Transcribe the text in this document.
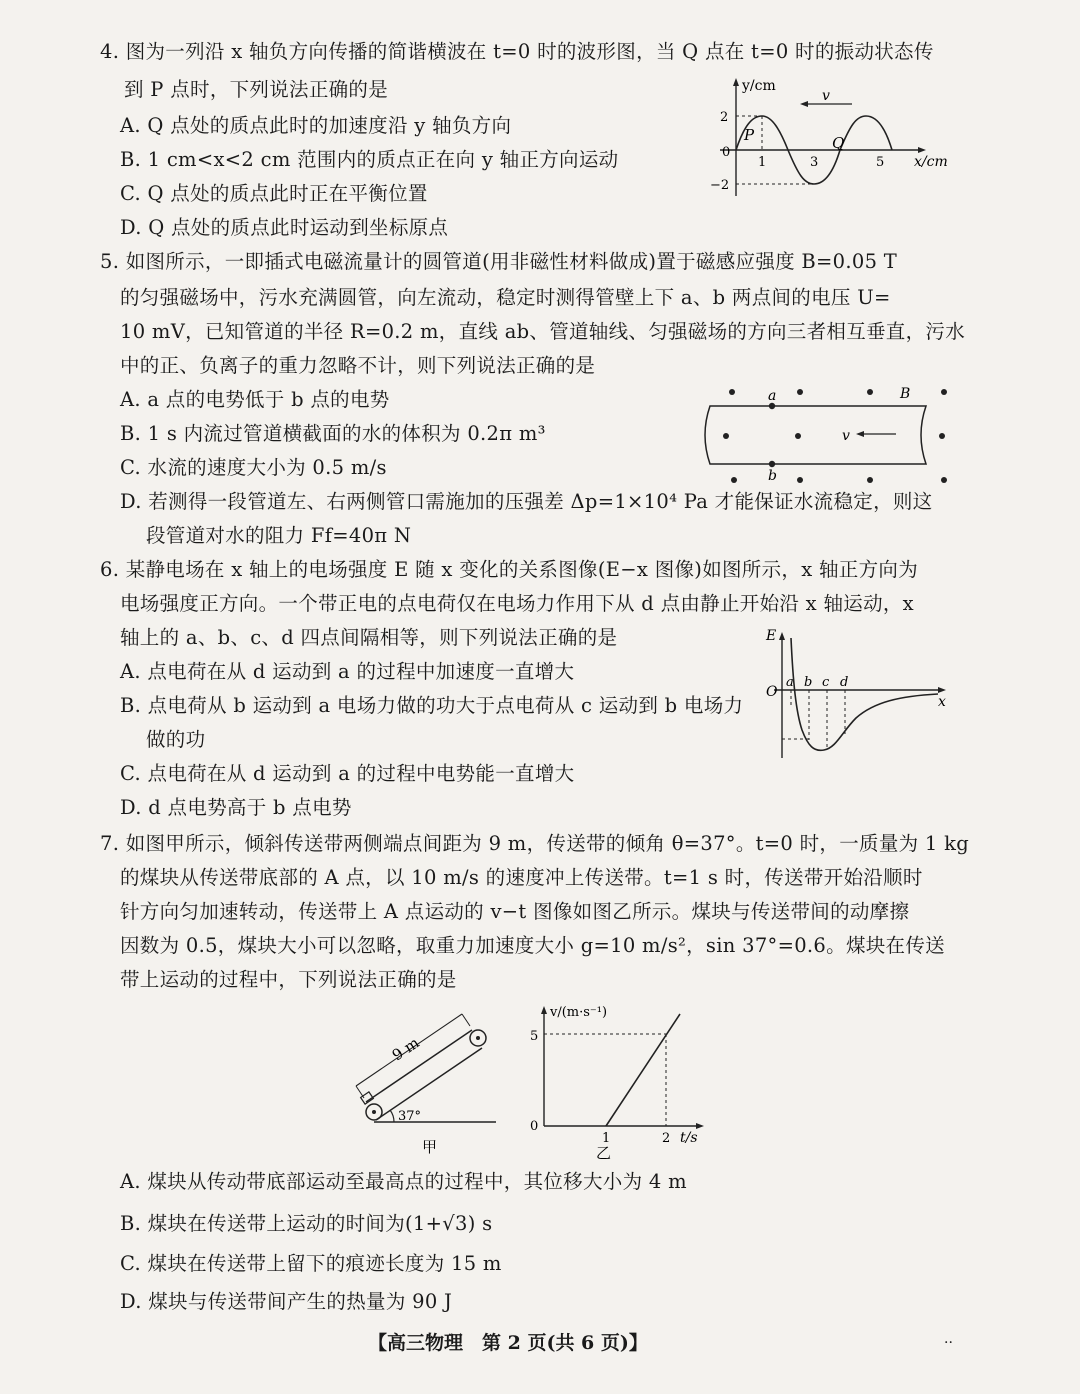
4. 图为一列沿 x 轴负方向传播的简谐横波在 t=0 时的波形图，当 Q 点在 t=0 时的振动状态传
到 P 点时，下列说法正确的是
A. Q 点处的质点此时的加速度沿 y 轴负方向
B. 1 cm<x<2 cm 范围内的质点正在向 y 轴正方向运动
C. Q 点处的质点此时正在平衡位置
D. Q 点处的质点此时运动到坐标原点
y/cm
x/cm
2
0
−2
1	3	5
P	Q
v
5. 如图所示，一即插式电磁流量计的圆管道(用非磁性材料做成)置于磁感应强度 B=0.05 T
的匀强磁场中，污水充满圆管，向左流动，稳定时测得管壁上下 a、b 两点间的电压 U=
10 mV，已知管道的半径 R=0.2 m，直线 ab、管道轴线、匀强磁场的方向三者相互垂直，污水
中的正、负离子的重力忽略不计，则下列说法正确的是
A. a 点的电势低于 b 点的电势
B. 1 s 内流过管道横截面的水的体积为 0.2π m³
C. 水流的速度大小为 0.5 m/s
D. 若测得一段管道左、右两侧管口需施加的压强差 Δp=1×10⁴ Pa 才能保证水流稳定，则这
段管道对水的阻力 Ff=40π N
a
b
B
v
6. 某静电场在 x 轴上的电场强度 E 随 x 变化的关系图像(E−x 图像)如图所示，x 轴正方向为
电场强度正方向。一个带正电的点电荷仅在电场力作用下从 d 点由静止开始沿 x 轴运动，x
轴上的 a、b、c、d 四点间隔相等，则下列说法正确的是
A. 点电荷在从 d 运动到 a 的过程中加速度一直增大
B. 点电荷从 b 运动到 a 电场力做的功大于点电荷从 c 运动到 b 电场力
做的功
C. 点电荷在从 d 运动到 a 的过程中电势能一直增大
D. d 点电势高于 b 点电势
E
O
x
a b c d
7. 如图甲所示，倾斜传送带两侧端点间距为 9 m，传送带的倾角 θ=37°。t=0 时，一质量为 1 kg
的煤块从传送带底部的 A 点，以 10 m/s 的速度冲上传送带。t=1 s 时，传送带开始沿顺时
针方向匀加速转动，传送带上 A 点运动的 v−t 图像如图乙所示。煤块与传送带间的动摩擦
因数为 0.5，煤块大小可以忽略，取重力加速度大小 g=10 m/s²，sin 37°=0.6。煤块在传送
带上运动的过程中，下列说法正确的是
9 m
37°
甲
v/(m·s⁻¹)
t/s
0
5
1	2
乙
A. 煤块从传动带底部运动至最高点的过程中，其位移大小为 4 m
B. 煤块在传送带上运动的时间为(1+√3) s
C. 煤块在传送带上留下的痕迹长度为 15 m
D. 煤块与传送带间产生的热量为 90 J
【高三物理　第 2 页(共 6 页)】	··
